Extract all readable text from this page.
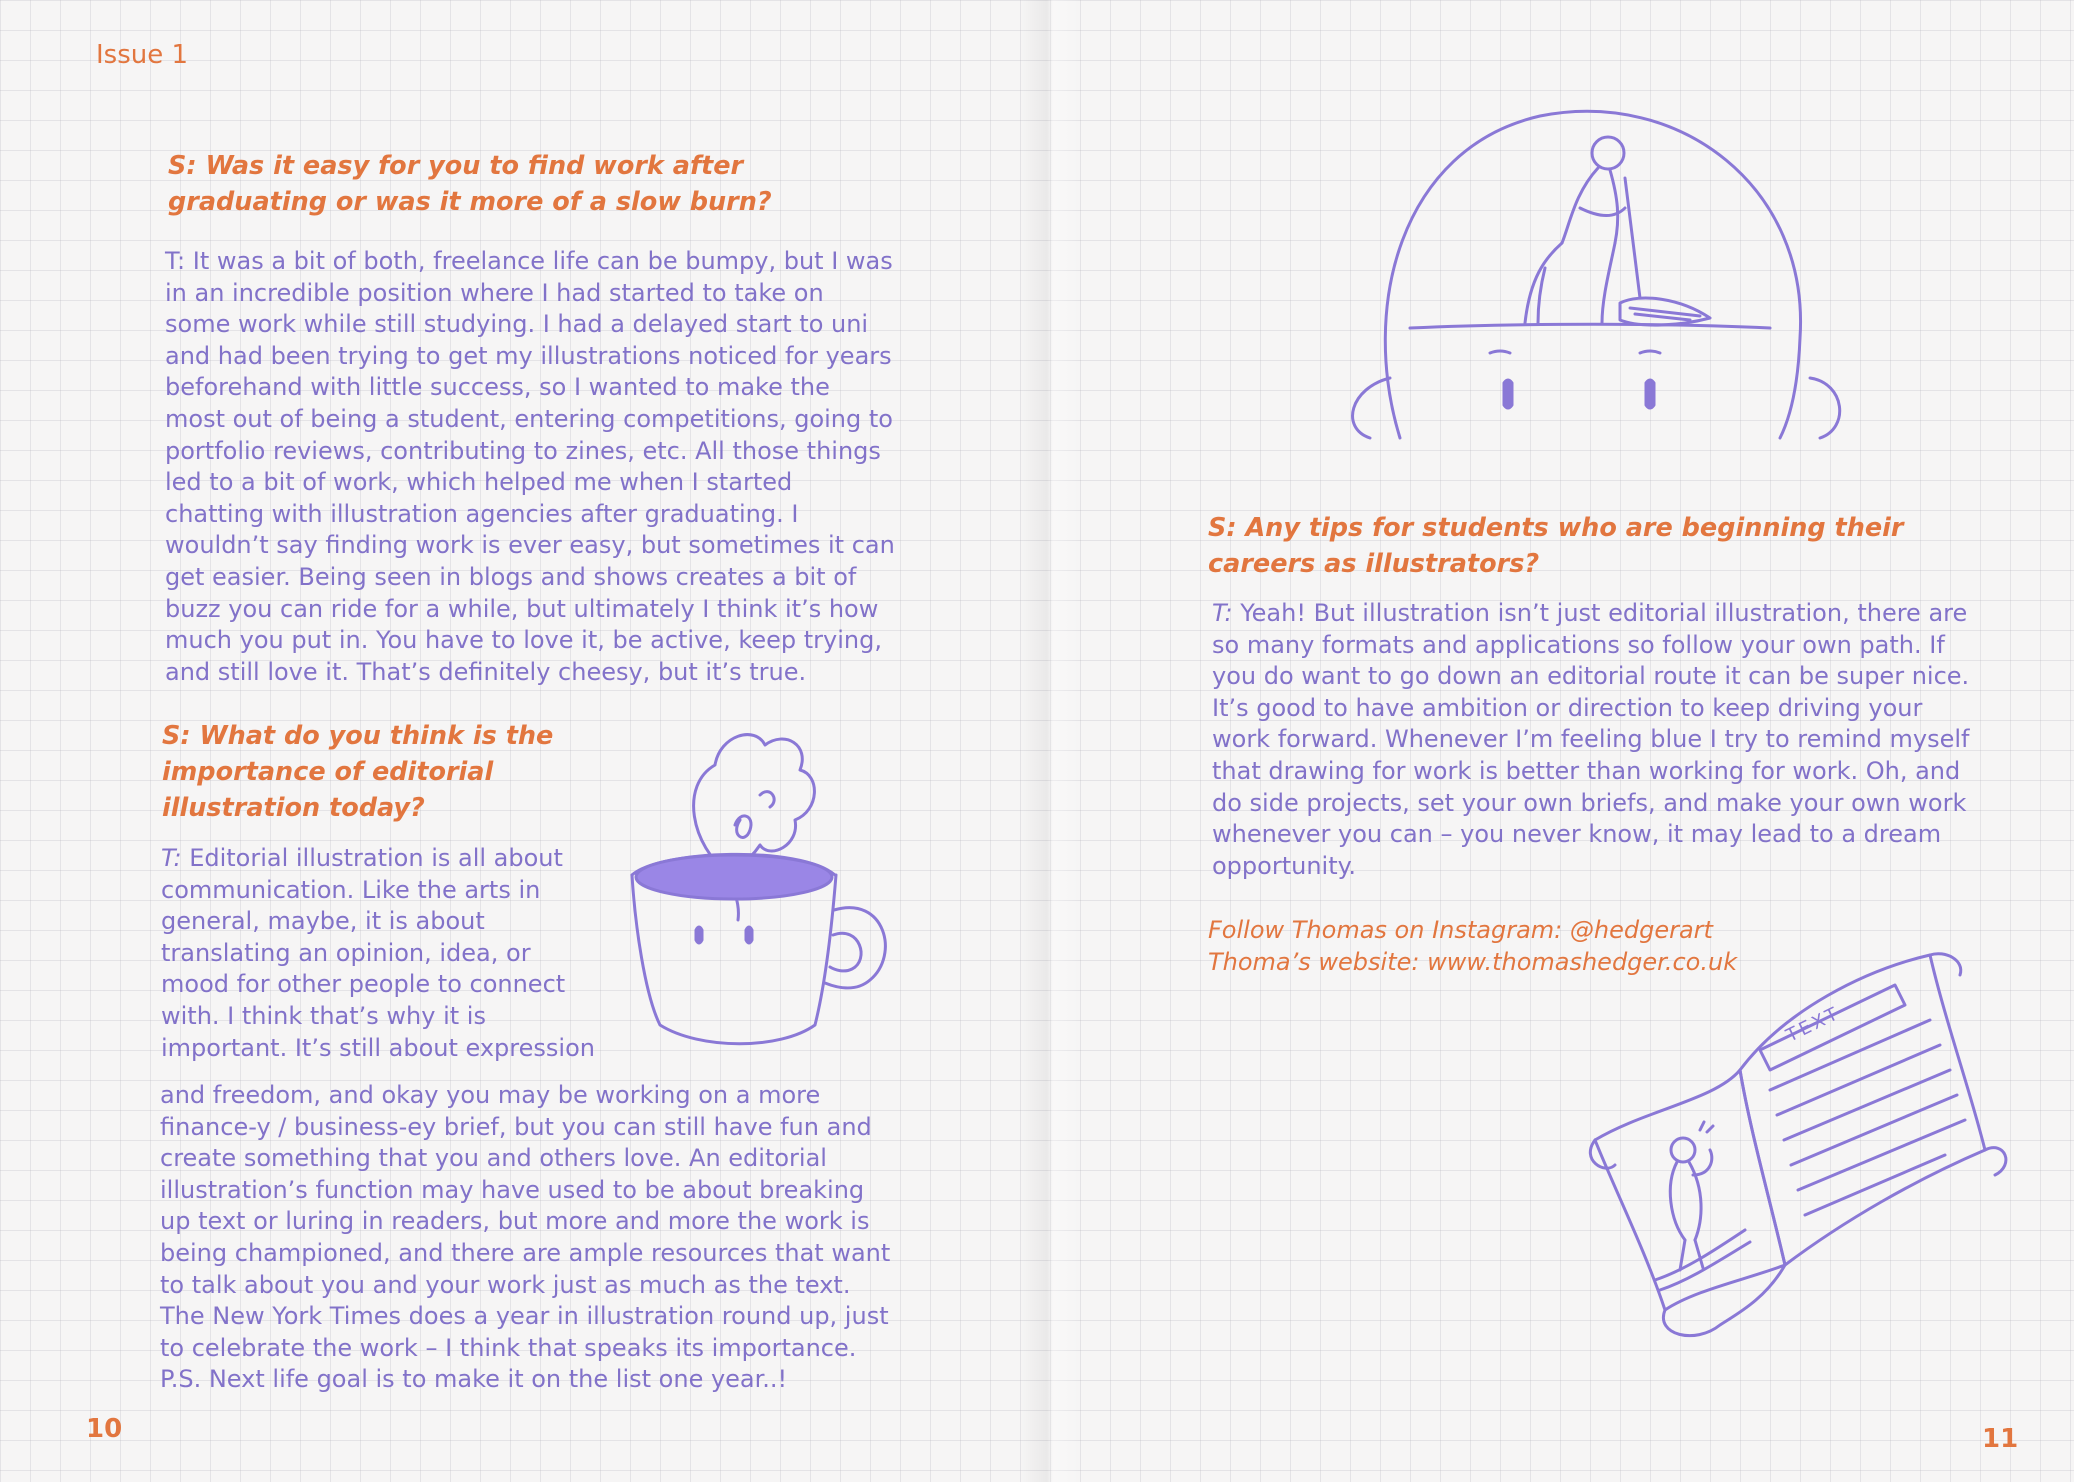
Issue 1

S: Was it easy for you to find work after graduating or was it more of a slow burn?

T: It was a bit of both, freelance life can be bumpy, but I was in an incredible position where I had started to take on some work while still studying. I had a delayed start to uni and had been trying to get my illustrations noticed for years beforehand with little success, so I wanted to make the most out of being a student, entering competitions, going to portfolio reviews, contributing to zines, etc. All those things led to a bit of work, which helped me when I started chatting with illustration agencies after graduating. I wouldn’t say finding work is ever easy, but sometimes it can get easier. Being seen in blogs and shows creates a bit of buzz you can ride for a while, but ultimately I think it’s how much you put in. You have to love it, be active, keep trying, and still love it. That’s definitely cheesy, but it’s true.

S: What do you think is the importance of editorial illustration today?

T: Editorial illustration is all about communication. Like the arts in general, maybe, it is about translating an opinion, idea, or mood for other people to connect with. I think that’s why it is important. It’s still about expression

and freedom, and okay you may be working on a more finance-y / business-ey brief, but you can still have fun and create something that you and others love. An editorial illustration’s function may have used to be about breaking up text or luring in readers, but more and more the work is being championed, and there are ample resources that want to talk about you and your work just as much as the text. The New York Times does a year in illustration round up, just to celebrate the work – I think that speaks its importance. P.S. Next life goal is to make it on the list one year..!

10

S: Any tips for students who are beginning their careers as illustrators?

T: Yeah! But illustration isn’t just editorial illustration, there are so many formats and applications so follow your own path. If you do want to go down an editorial route it can be super nice. It’s good to have ambition or direction to keep driving your work forward. Whenever I’m feeling blue I try to remind myself that drawing for work is better than working for work. Oh, and do side projects, set your own briefs, and make your own work whenever you can – you never know, it may lead to a dream opportunity.

Follow Thomas on Instagram: @hedgerart
Thoma’s website: www.thomashedger.co.uk
TEXT
11
